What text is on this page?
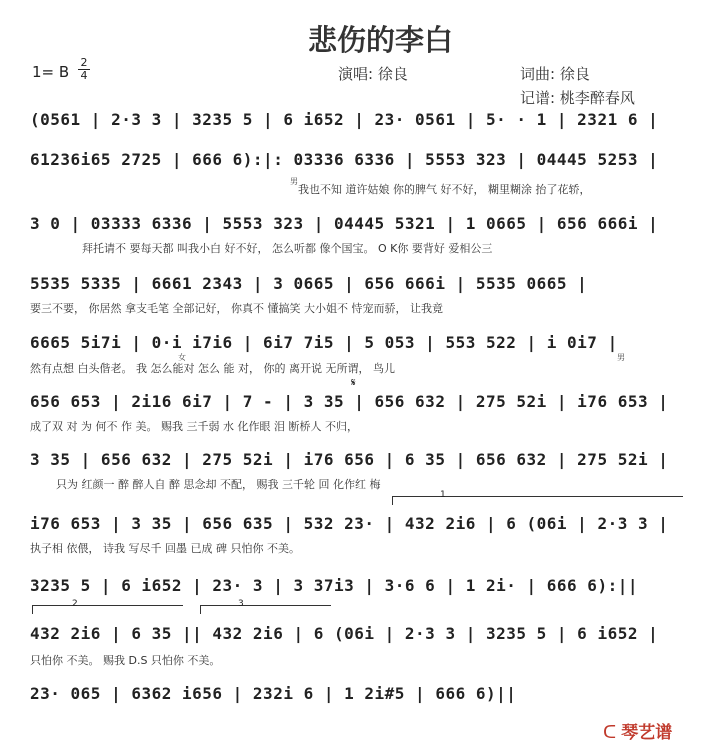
悲伤的李白
1= B
2
4	演唱: 徐良	词曲: 徐良
记谱: 桃李醉春风
(0561 | 2·3 3 | 3235 5 | 6 i652 | 23· 0561 | 5· · 1 | 2321 6 |
61236i65 2725 | 666 6):|: 03336 6336 | 5553 323 | 04445 5253 |
男
我也不知 道许姑娘 你的脾气 好不好， 糊里糊涂 抬了花轿，
3 0 | 03333 6336 | 5553 323 | 04445 5321 | 1 0665 | 656 666i |
拜托请不 要每天都 叫我小白 好不好， 怎么听都 像个国宝。 O K你 要背好 爱相公三
5535 5335 | 6661 2343 | 3 0665 | 656 666i | 5535 0665 |
要三不要， 你居然 拿支毛笔 全部记好， 你真不 懂搞笑 大小姐不 恃宠而骄， 让我竟
6665 5i7i | 0·i i7i6 | 6i7 7i5 | 5 053 | 553 522 | i 0i7 |
女	男
然有点想 白头偕老。 我 怎么能对 怎么 能 对， 你的 离开说 无所谓， 鸟儿
𝄋
656 653 | 2i16 6i7 | 7 - | 3 35 | 656 632 | 275 52i | i76 653 |
成了双 对 为 何不 作 美。 赐我 三千弱 水 化作眼 泪 断桥人 不归，
3 35 | 656 632 | 275 52i | i76 656 | 6 35 | 656 632 | 275 52i |
只为 红颜一 醉 醉人自 醉 思念却 不配， 赐我 三千轮 回 化作红 梅
1
i76 653 | 3 35 | 656 635 | 532 23· | 432 2i6 | 6 (06i | 2·3 3 |
执子相 依偎， 诗我 写尽千 回墨 已成 碑 只怕你 不美。
3235 5 | 6 i652 | 23· 3 | 3 37i3 | 3·6 6 | 1 2i· | 666 6):||
2	3
432 2i6 | 6 35 || 432 2i6 | 6 (06i | 2·3 3 | 3235 5 | 6 i652 |
只怕你 不美。 赐我 D.S 只怕你 不美。
23· 065 | 6362 i656 | 232i 6 | 1 2i#5 | 666 6)||
ᑕ 琴艺谱
